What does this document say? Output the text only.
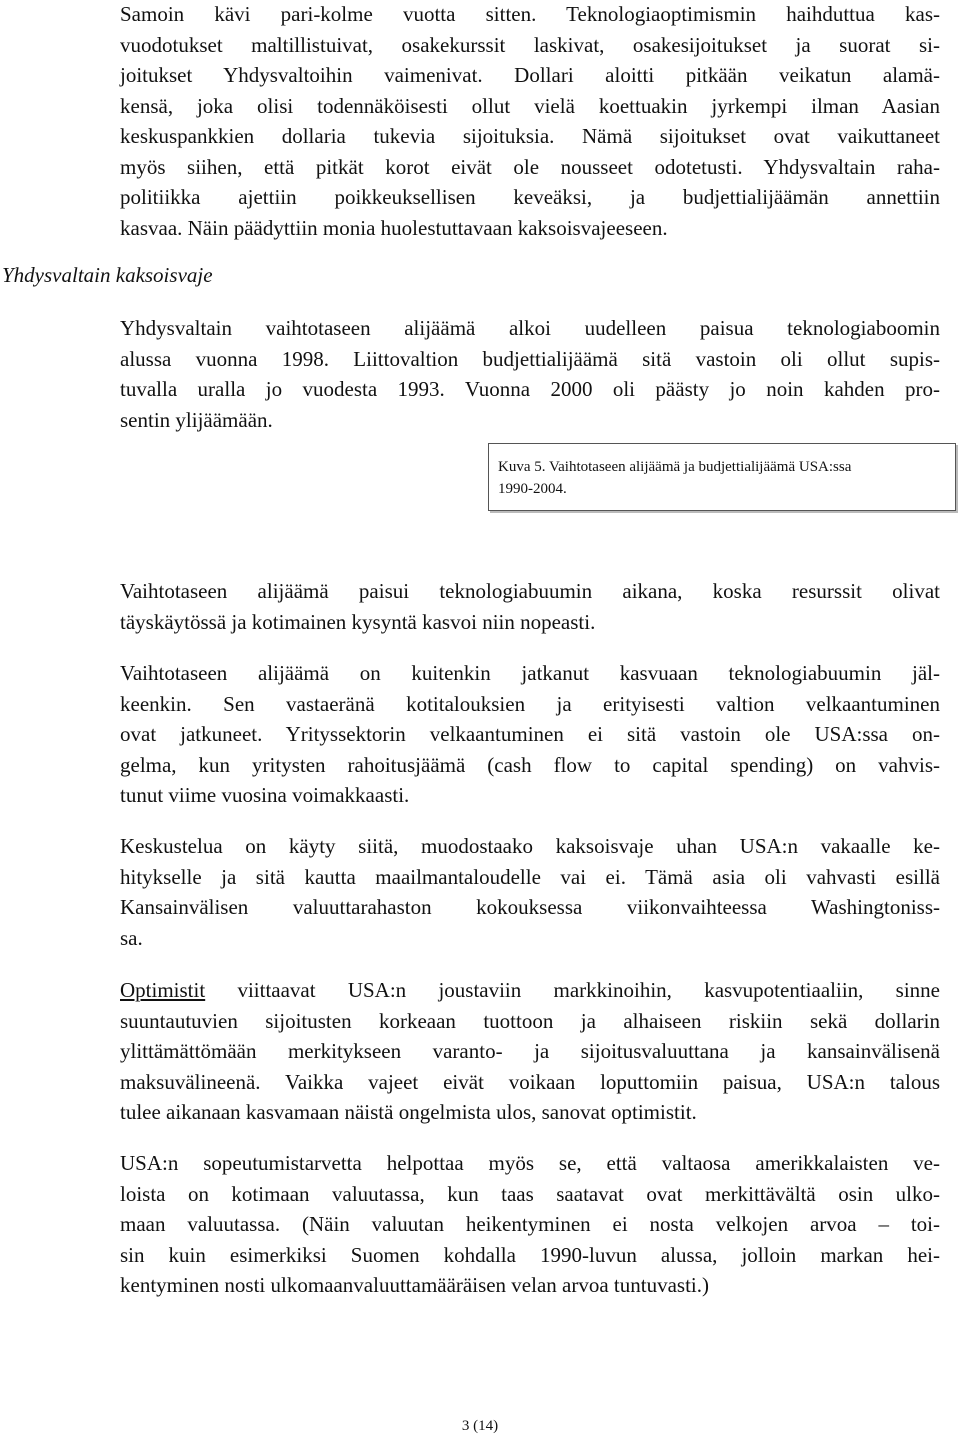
Samoin kävi pari-kolme vuotta sitten. Teknologiaoptimismin haihduttua kas-
vuodotukset maltillistuivat, osakekurssit laskivat, osakesijoitukset ja suorat si-
joitukset Yhdysvaltoihin vaimenivat. Dollari aloitti pitkään veikatun alamä-
kensä, joka olisi todennäköisesti ollut vielä koettuakin jyrkempi ilman Aasian
keskuspankkien dollaria tukevia sijoituksia. Nämä sijoitukset ovat vaikuttaneet
myös siihen, että pitkät korot eivät ole nousseet odotetusti. Yhdysvaltain raha-
politiikka ajettiin poikkeuksellisen keveäksi, ja budjettialijäämän annettiin
kasvaa. Näin päädyttiin monia huolestuttavaan kaksoisvajeeseen.
Yhdysvaltain kaksoisvaje
Yhdysvaltain vaihtotaseen alijäämä alkoi uudelleen paisua teknologiaboomin
alussa vuonna 1998. Liittovaltion budjettialijäämä sitä vastoin oli ollut supis-
tuvalla uralla jo vuodesta 1993. Vuonna 2000 oli päästy jo noin kahden pro-
sentin ylijäämään.
Kuva 5. Vaihtotaseen alijäämä ja budjettialijäämä USA:ssa
1990-2004.
Vaihtotaseen alijäämä paisui teknologiabuumin aikana, koska resurssit olivat
täyskäytössä ja kotimainen kysyntä kasvoi niin nopeasti.
Vaihtotaseen alijäämä on kuitenkin jatkanut kasvuaan teknologiabuumin jäl-
keenkin. Sen vastaeränä kotitalouksien ja erityisesti valtion velkaantuminen
ovat jatkuneet. Yrityssektorin velkaantuminen ei sitä vastoin ole USA:ssa on-
gelma, kun yritysten rahoitusjäämä (cash flow to capital spending) on vahvis-
tunut viime vuosina voimakkaasti.
Keskustelua on käyty siitä, muodostaako kaksoisvaje uhan USA:n vakaalle ke-
hitykselle ja sitä kautta maailmantaloudelle vai ei. Tämä asia oli vahvasti esillä
Kansainvälisen valuuttarahaston kokouksessa viikonvaihteessa Washingtoniss-
sa.
Optimistit viittaavat USA:n joustaviin markkinoihin, kasvupotentiaaliin, sinne
suuntautuvien sijoitusten korkeaan tuottoon ja alhaiseen riskiin sekä dollarin
ylittämättömään merkitykseen varanto- ja sijoitusvaluuttana ja kansainvälisenä
maksuvälineenä. Vaikka vajeet eivät voikaan loputtomiin paisua, USA:n talous
tulee aikanaan kasvamaan näistä ongelmista ulos, sanovat optimistit.
USA:n sopeutumistarvetta helpottaa myös se, että valtaosa amerikkalaisten ve-
loista on kotimaan valuutassa, kun taas saatavat ovat merkittävältä osin ulko-
maan valuutassa. (Näin valuutan heikentyminen ei nosta velkojen arvoa – toi-
sin kuin esimerkiksi Suomen kohdalla 1990-luvun alussa, jolloin markan hei-
kentyminen nosti ulkomaanvaluuttamääräisen velan arvoa tuntuvasti.)
3 (14)
